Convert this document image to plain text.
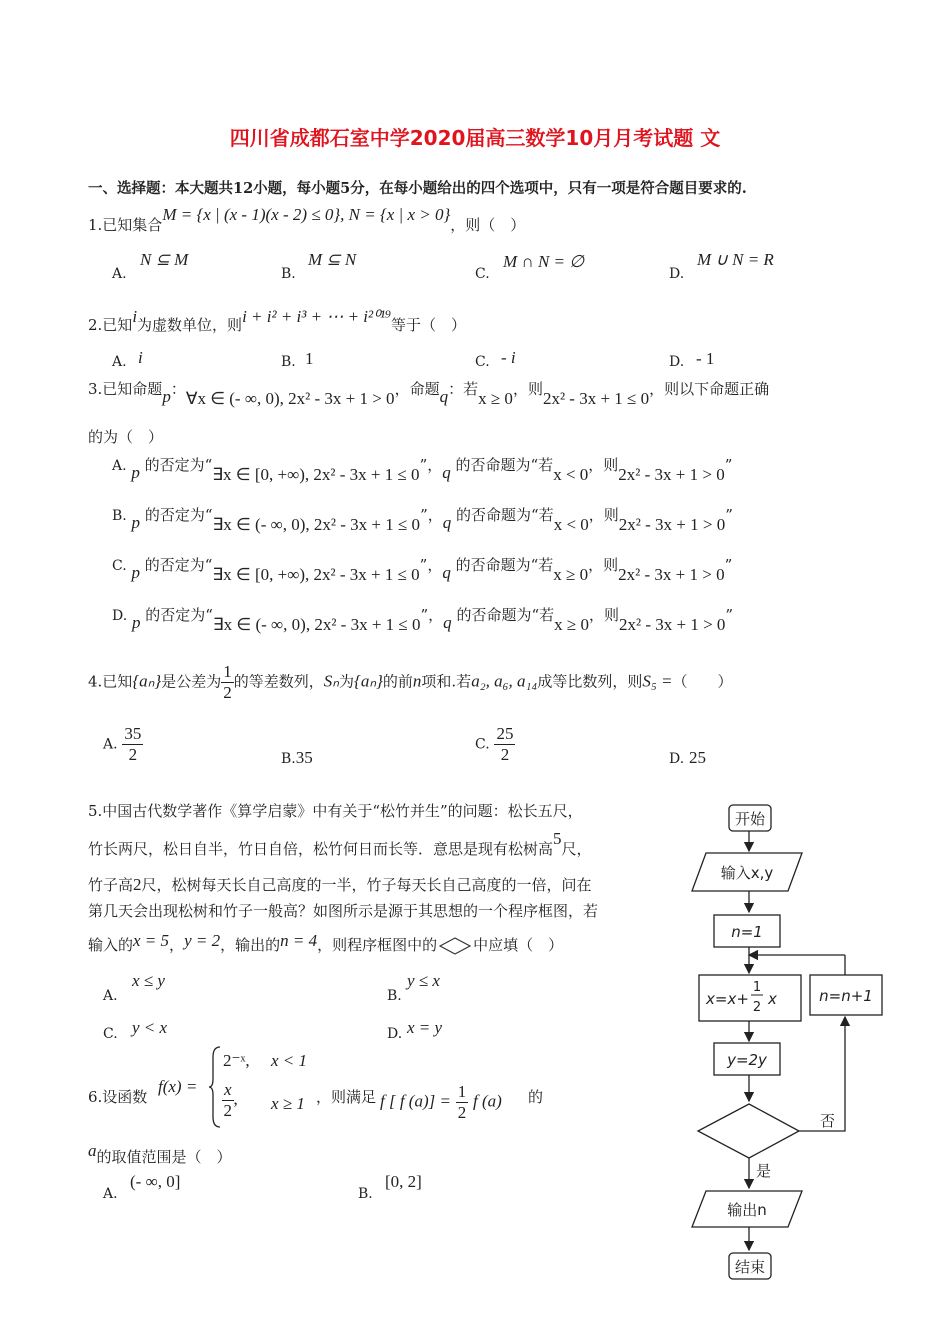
四川省成都石室中学2020届高三数学10月月考试题 文
一、选择题：本大题共12小题，每小题5分，在每小题给出的四个选项中，只有一项是符合题目要求的.
1.已知集合M = {x | (x - 1)(x - 2) ≤ 0}, N = {x | x > 0}，则（　）
A.
N ⊆ M
B.
M ⊆ N
C.
M ∩ N = ∅
D.
M ∪ N = R
2.已知i为虚数单位，则i + i² + i³ + ⋯ + i²⁰¹⁹等于（　）
A. i	B. 1	C. - i	D. - 1
3.已知命题p：∀x ∈ (- ∞, 0), 2x² - 3x + 1 > 0，命题q：若x ≥ 0，则2x² - 3x + 1 ≤ 0，则以下命题正确
的为（　）
A. p 的否定为“∃x ∈ [0, +∞), 2x² - 3x + 1 ≤ 0”，q 的否命题为“若x < 0，则2x² - 3x + 1 > 0”
B. p 的否定为“∃x ∈ (- ∞, 0), 2x² - 3x + 1 ≤ 0”，q 的否命题为“若x < 0，则2x² - 3x + 1 > 0”
C. p 的否定为“∃x ∈ [0, +∞), 2x² - 3x + 1 ≤ 0”，q 的否命题为“若x ≥ 0，则2x² - 3x + 1 > 0”
D. p 的否定为“∃x ∈ (- ∞, 0), 2x² - 3x + 1 ≤ 0”，q 的否命题为“若x ≥ 0，则2x² - 3x + 1 > 0”
4.已知{aₙ}是公差为 $\frac{1}{2}$ 的等差数列，Sₙ为{aₙ}的前n项和.若a₂, a₆, a₁₄成等比数列，则S₅ =（　　）
A. $\frac{35}{2}$	B.35
C. $\frac{25}{2}$	D. 25
5.中国古代数学著作《算学启蒙》中有关于“松竹并生”的问题：松长五尺，
竹长两尺，松日自半，竹日自倍，松竹何日而长等．意思是现有松树高5尺，
竹子高2尺，松树每天长自己高度的一半，竹子每天长自己高度的一倍，问在
第几天会出现松树和竹子一般高？如图所示是源于其思想的一个程序框图，若
输入的x = 5，y = 2，输出的n = 4，则程序框图中的 中应填（　）
A.
x ≤ y
B.
y ≤ x
C. y < x	D. x = y
6.设函数
f(x) =
2⁻ˣ, x < 1
$\frac{x}{2}$ , x ≥ 1 ，则满足 f [ f $(a)] = \frac{1}{2}$ f (a) 的
a的取值范围是（　）
A.
(- ∞, 0]
B.
[0, 2]
开始
输入x,y
n=1
x=x+
1
2 x
y=2y
n=n+1
否
是
输出n
结束
